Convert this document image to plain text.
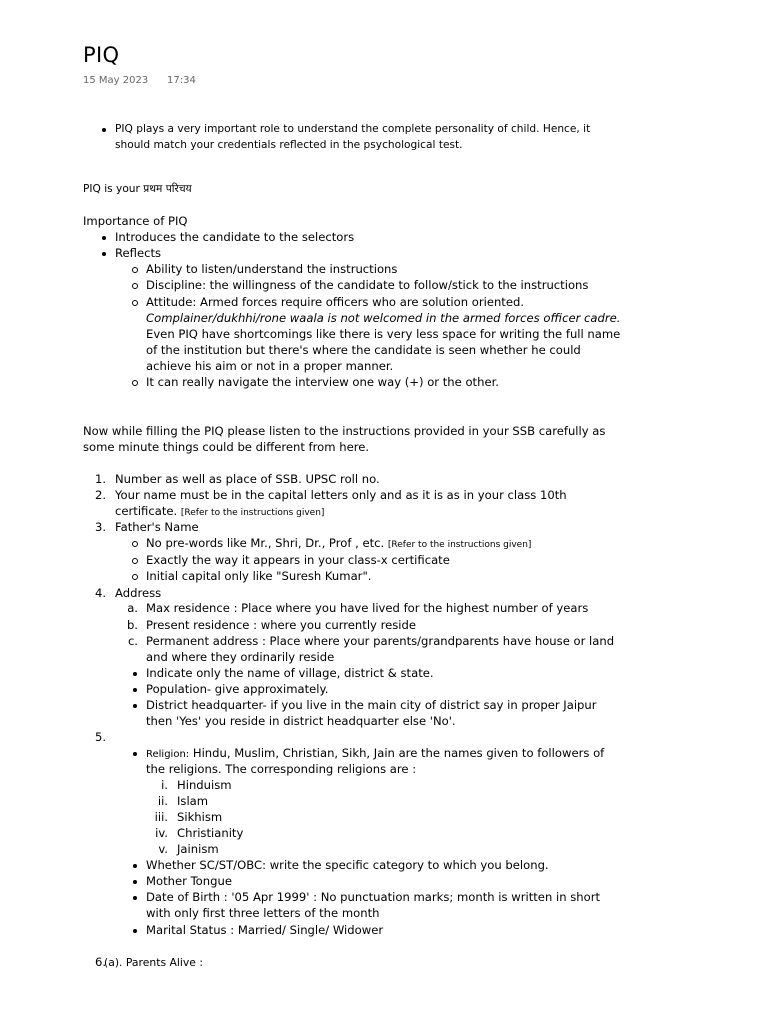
PIQ
15 May 2023 17:34
PIQ plays a very important role to understand the complete personality of child. Hence, it
should match your credentials reflected in the psychological test.
PIQ is your प्रथम परिचय
Importance of PIQ
Introduces the candidate to the selectors
Reflects
Ability to listen/understand the instructions
Discipline: the willingness of the candidate to follow/stick to the instructions
Attitude: Armed forces require officers who are solution oriented.
Complainer/dukhhi/rone waala is not welcomed in the armed forces officer cadre.
Even PIQ have shortcomings like there is very less space for writing the full name
of the institution but there's where the candidate is seen whether he could
achieve his aim or not in a proper manner.
It can really navigate the interview one way (+) or the other.
Now while filling the PIQ please listen to the instructions provided in your SSB carefully as
some minute things could be different from here.
1. Number as well as place of SSB. UPSC roll no.
2. Your name must be in the capital letters only and as it is as in your class 10th
certificate. [Refer to the instructions given]
3. Father's Name
No pre-words like Mr., Shri, Dr., Prof , etc. [Refer to the instructions given]
Exactly the way it appears in your class-x certificate
Initial capital only like "Suresh Kumar".
4. Address
a. Max residence : Place where you have lived for the highest number of years
b. Present residence : where you currently reside
c. Permanent address : Place where your parents/grandparents have house or land
and where they ordinarily reside
Indicate only the name of village, district & state.
Population- give approximately.
District headquarter- if you live in the main city of district say in proper Jaipur
then 'Yes' you reside in district headquarter else 'No'.
5.
Religion: Hindu, Muslim, Christian, Sikh, Jain are the names given to followers of
the religions. The corresponding religions are :
i. Hinduism
ii. Islam
iii. Sikhism
iv. Christianity
v. Jainism
Whether SC/ST/OBC: write the specific category to which you belong.
Mother Tongue
Date of Birth : '05 Apr 1999' : No punctuation marks; month is written in short
with only first three letters of the month
Marital Status : Married/ Single/ Widower
6.
(a). Parents Alive :
